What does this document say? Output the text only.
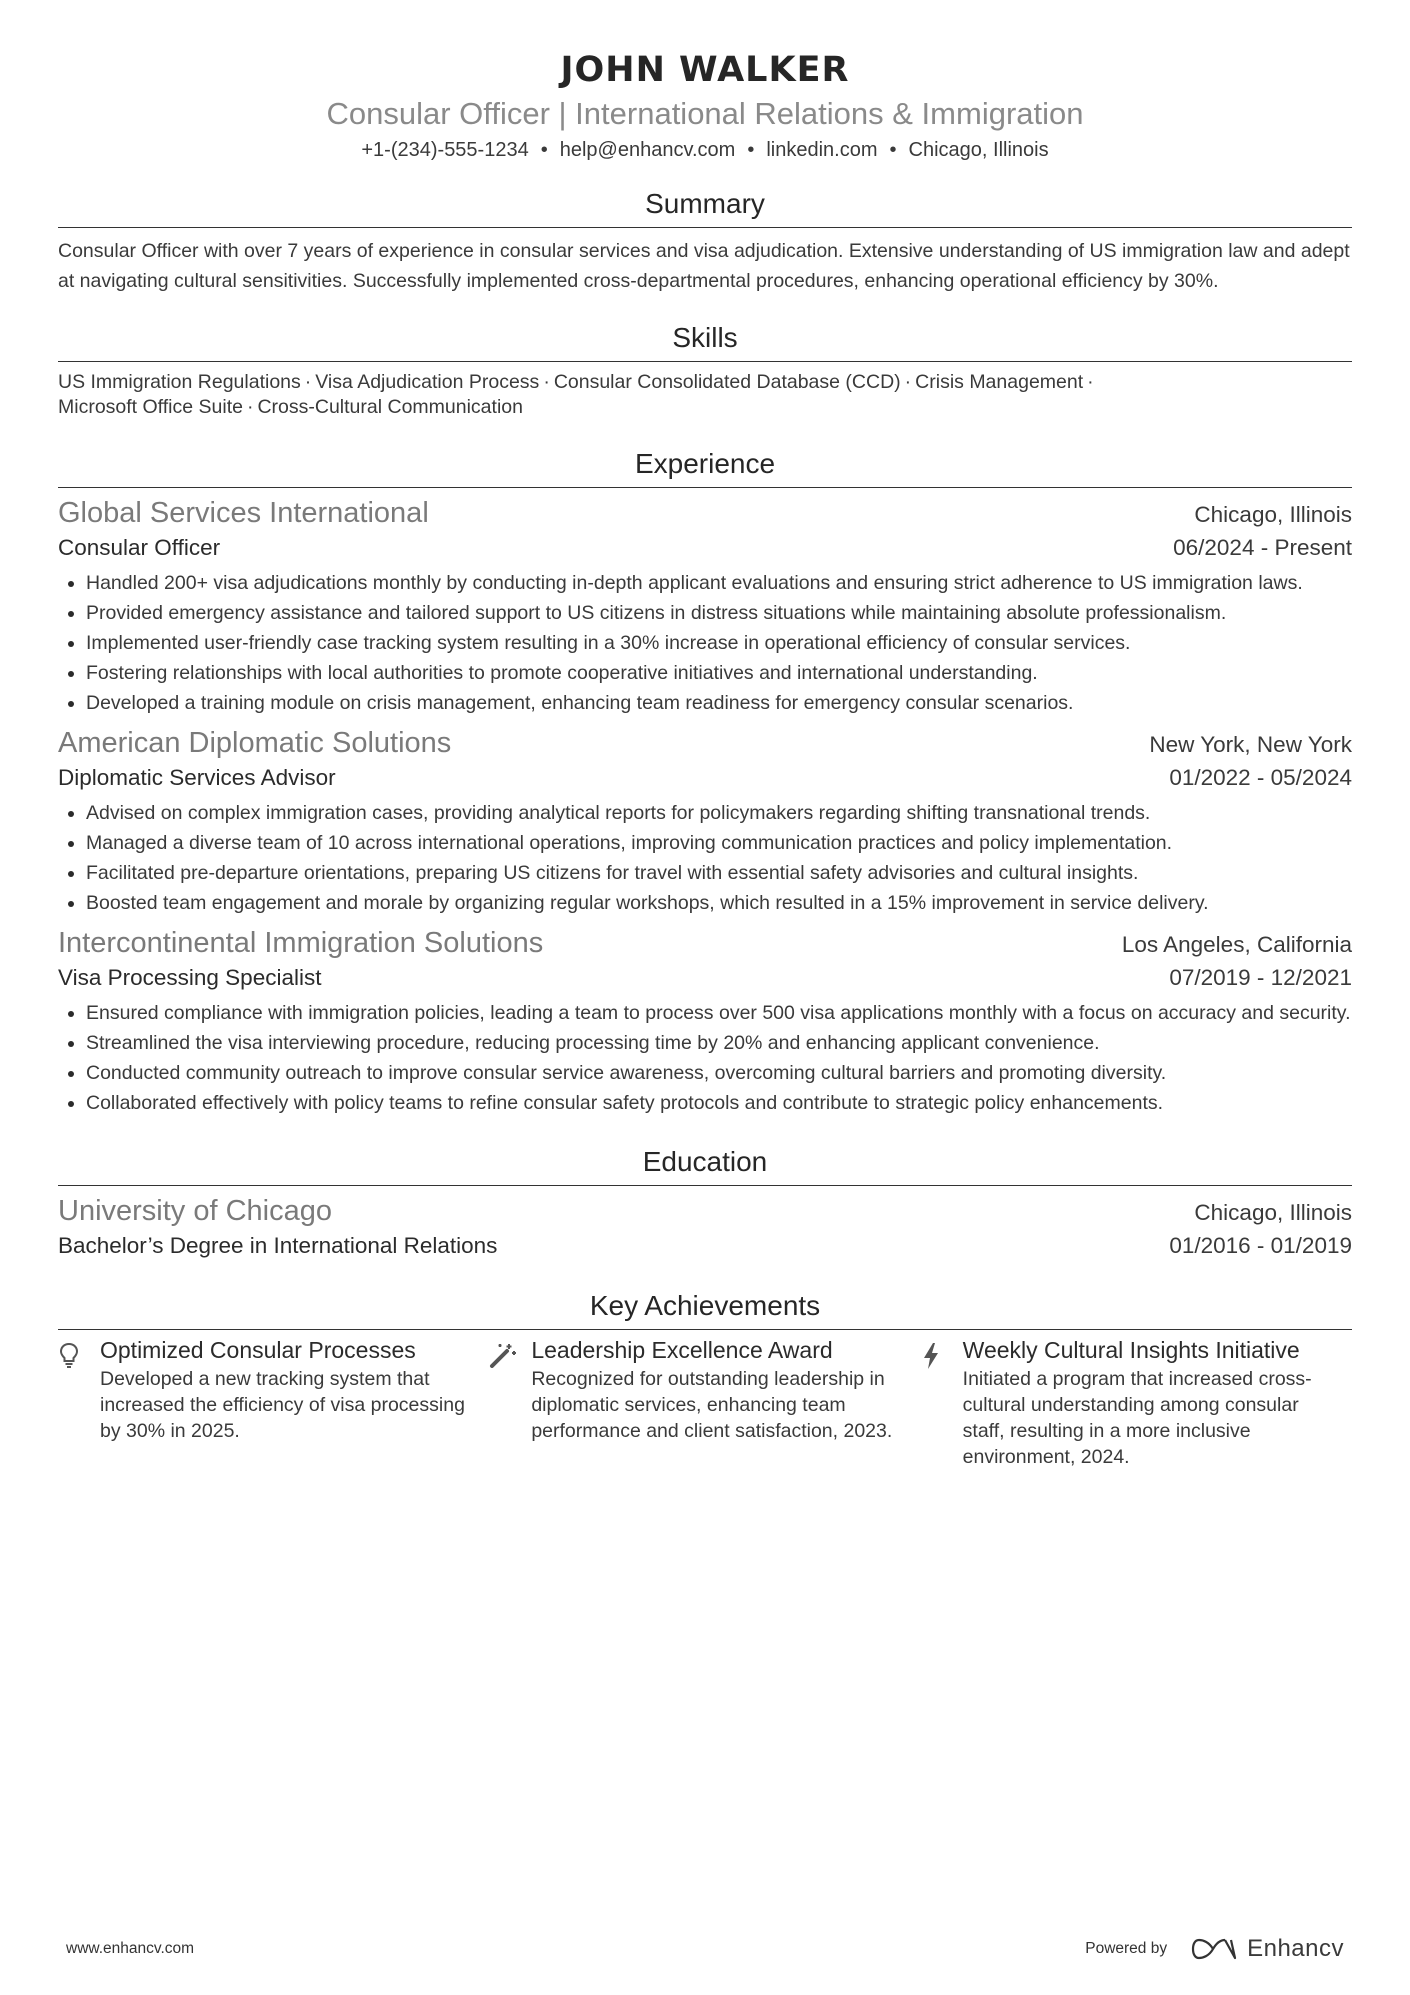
JOHN WALKER
Consular Officer | International Relations & Immigration
+1-(234)-555-1234 • help@enhancv.com • linkedin.com • Chicago, Illinois
Summary
Consular Officer with over 7 years of experience in consular services and visa adjudication. Extensive understanding of US immigration law and adept at navigating cultural sensitivities. Successfully implemented cross-departmental procedures, enhancing operational efficiency by 30%.
Skills
US Immigration Regulations · Visa Adjudication Process · Consular Consolidated Database (CCD) · Crisis Management ·
Microsoft Office Suite · Cross-Cultural Communication
Experience
Global Services International	Chicago, Illinois
Consular Officer	06/2024 - Present
• Handled 200+ visa adjudications monthly by conducting in-depth applicant evaluations and ensuring strict adherence to US immigration laws.
• Provided emergency assistance and tailored support to US citizens in distress situations while maintaining absolute professionalism.
• Implemented user-friendly case tracking system resulting in a 30% increase in operational efficiency of consular services.
• Fostering relationships with local authorities to promote cooperative initiatives and international understanding.
• Developed a training module on crisis management, enhancing team readiness for emergency consular scenarios.
American Diplomatic Solutions	New York, New York
Diplomatic Services Advisor	01/2022 - 05/2024
• Advised on complex immigration cases, providing analytical reports for policymakers regarding shifting transnational trends.
• Managed a diverse team of 10 across international operations, improving communication practices and policy implementation.
• Facilitated pre-departure orientations, preparing US citizens for travel with essential safety advisories and cultural insights.
• Boosted team engagement and morale by organizing regular workshops, which resulted in a 15% improvement in service delivery.
Intercontinental Immigration Solutions	Los Angeles, California
Visa Processing Specialist	07/2019 - 12/2021
• Ensured compliance with immigration policies, leading a team to process over 500 visa applications monthly with a focus on accuracy and security.
• Streamlined the visa interviewing procedure, reducing processing time by 20% and enhancing applicant convenience.
• Conducted community outreach to improve consular service awareness, overcoming cultural barriers and promoting diversity.
• Collaborated effectively with policy teams to refine consular safety protocols and contribute to strategic policy enhancements.
Education
University of Chicago	Chicago, Illinois
Bachelor’s Degree in International Relations	01/2016 - 01/2019
Key Achievements
Optimized Consular Processes
Developed a new tracking system that increased the efficiency of visa processing by 30% in 2025.
Leadership Excellence Award
Recognized for outstanding leadership in diplomatic services, enhancing team performance and client satisfaction, 2023.
Weekly Cultural Insights Initiative
Initiated a program that increased cross-cultural understanding among consular staff, resulting in a more inclusive environment, 2024.
www.enhancv.com	Powered by	Enhancv
